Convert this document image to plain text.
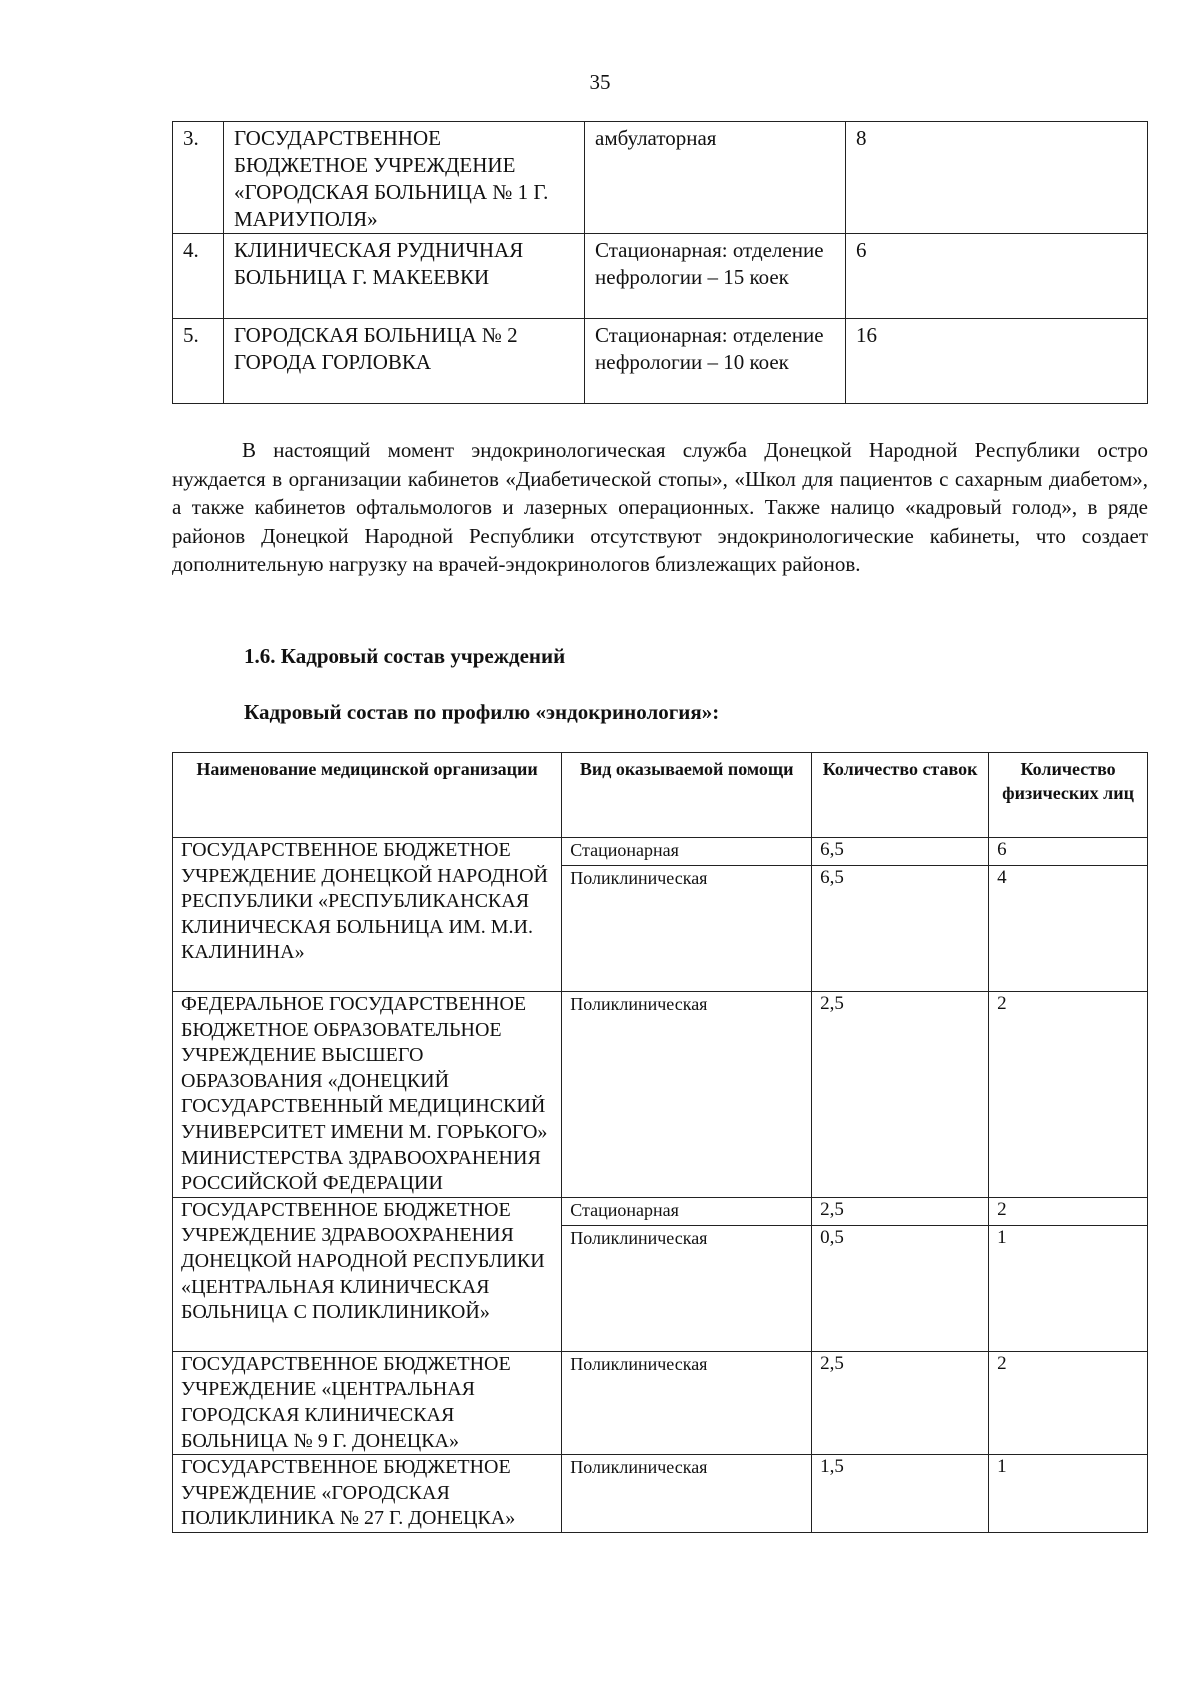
35
3.	ГОСУДАРСТВЕННОЕ БЮДЖЕТНОЕ УЧРЕЖДЕНИЕ «ГОРОДСКАЯ БОЛЬНИЦА № 1 Г. МАРИУПОЛЯ»	амбулаторная	8
4.	КЛИНИЧЕСКАЯ РУДНИЧНАЯ БОЛЬНИЦА Г. МАКЕЕВКИ	Стационарная: отделение нефрологии – 15 коек	6
5.	ГОРОДСКАЯ БОЛЬНИЦА № 2 ГОРОДА ГОРЛОВКА	Стационарная: отделение нефрологии – 10 коек	16

В настоящий момент эндокринологическая служба Донецкой Народной Республики остро нуждается в организации кабинетов «Диабетической стопы», «Школ для пациентов с сахарным диабетом», а также кабинетов офтальмологов и лазерных операционных. Также налицо «кадровый голод», в ряде районов Донецкой Народной Республики отсутствуют эндокринологические кабинеты, что создает дополнительную нагрузку на врачей-эндокринологов близлежащих районов.

1.6. Кадровый состав учреждений
Кадровый состав по профилю «эндокринология»:
Наименование медицинской организации	Вид оказываемой помощи	Количество ставок	Количество физических лиц
ГОСУДАРСТВЕННОЕ БЮДЖЕТНОЕ УЧРЕЖДЕНИЕ ДОНЕЦКОЙ НАРОДНОЙ РЕСПУБЛИКИ «РЕСПУБЛИКАНСКАЯ КЛИНИЧЕСКАЯ БОЛЬНИЦА ИМ. М.И. КАЛИНИНА»	Стационарная	6,5	6
	Поликлиническая	6,5	4
ФЕДЕРАЛЬНОЕ ГОСУДАРСТВЕННОЕ БЮДЖЕТНОЕ ОБРАЗОВАТЕЛЬНОЕ УЧРЕЖДЕНИЕ ВЫСШЕГО ОБРАЗОВАНИЯ «ДОНЕЦКИЙ ГОСУДАРСТВЕННЫЙ МЕДИЦИНСКИЙ УНИВЕРСИТЕТ ИМЕНИ М. ГОРЬКОГО» МИНИСТЕРСТВА ЗДРАВООХРАНЕНИЯ РОССИЙСКОЙ ФЕДЕРАЦИИ	Поликлиническая	2,5	2
ГОСУДАРСТВЕННОЕ БЮДЖЕТНОЕ УЧРЕЖДЕНИЕ ЗДРАВООХРАНЕНИЯ ДОНЕЦКОЙ НАРОДНОЙ РЕСПУБЛИКИ «ЦЕНТРАЛЬНАЯ КЛИНИЧЕСКАЯ БОЛЬНИЦА С ПОЛИКЛИНИКОЙ»	Стационарная	2,5	2
	Поликлиническая	0,5	1
ГОСУДАРСТВЕННОЕ БЮДЖЕТНОЕ УЧРЕЖДЕНИЕ «ЦЕНТРАЛЬНАЯ ГОРОДСКАЯ КЛИНИЧЕСКАЯ БОЛЬНИЦА № 9 Г. ДОНЕЦКА»	Поликлиническая	2,5	2
ГОСУДАРСТВЕННОЕ БЮДЖЕТНОЕ УЧРЕЖДЕНИЕ «ГОРОДСКАЯ ПОЛИКЛИНИКА № 27 Г. ДОНЕЦКА»	Поликлиническая	1,5	1
